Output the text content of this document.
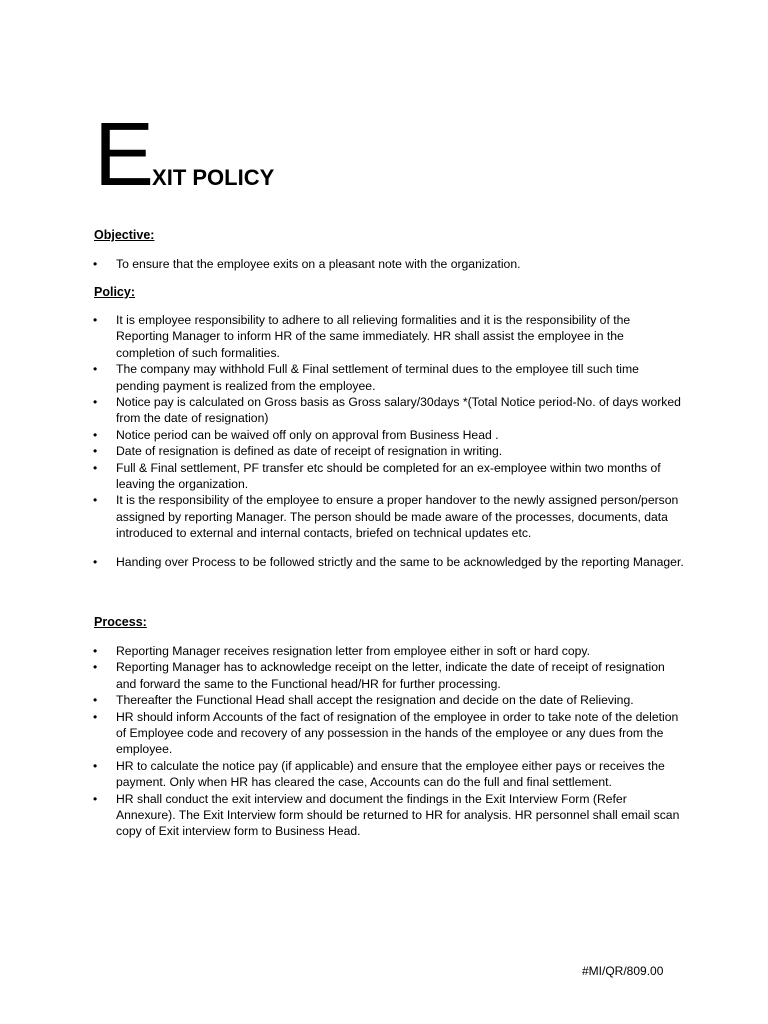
EXIT POLICY
Objective:
• To ensure that the employee exits on a pleasant note with the organization.
Policy:
• It is employee responsibility to adhere to all relieving formalities and it is the responsibility of the Reporting Manager to inform HR of the same immediately. HR shall assist the employee in the completion of such formalities.
• The company may withhold Full & Final settlement of terminal dues to the employee till such time pending payment is realized from the employee.
• Notice pay is calculated on Gross basis as Gross salary/30days *(Total Notice period-No. of days worked from the date of resignation)
• Notice period can be waived off only on approval from Business Head .
• Date of resignation is defined as date of receipt of resignation in writing.
• Full & Final settlement, PF transfer etc should be completed for an ex-employee within two months of leaving the organization.
• It is the responsibility of the employee to ensure a proper handover to the newly assigned person/person assigned by reporting Manager. The person should be made aware of the processes, documents, data introduced to external and internal contacts, briefed on technical updates etc.
• Handing over Process to be followed strictly and the same to be acknowledged by the reporting Manager.
Process:
• Reporting Manager receives resignation letter from employee either in soft or hard copy.
• Reporting Manager has to acknowledge receipt on the letter, indicate the date of receipt of resignation and forward the same to the Functional head/HR for further processing.
• Thereafter the Functional Head shall accept the resignation and decide on the date of Relieving.
• HR should inform Accounts of the fact of resignation of the employee in order to take note of the deletion of Employee code and recovery of any possession in the hands of the employee or any dues from the employee.
• HR to calculate the notice pay (if applicable) and ensure that the employee either pays or receives the payment. Only when HR has cleared the case, Accounts can do the full and final settlement.
• HR shall conduct the exit interview and document the findings in the Exit Interview Form (Refer Annexure). The Exit Interview form should be returned to HR for analysis. HR personnel shall email scan copy of Exit interview form to Business Head.
#MI/QR/809.00
